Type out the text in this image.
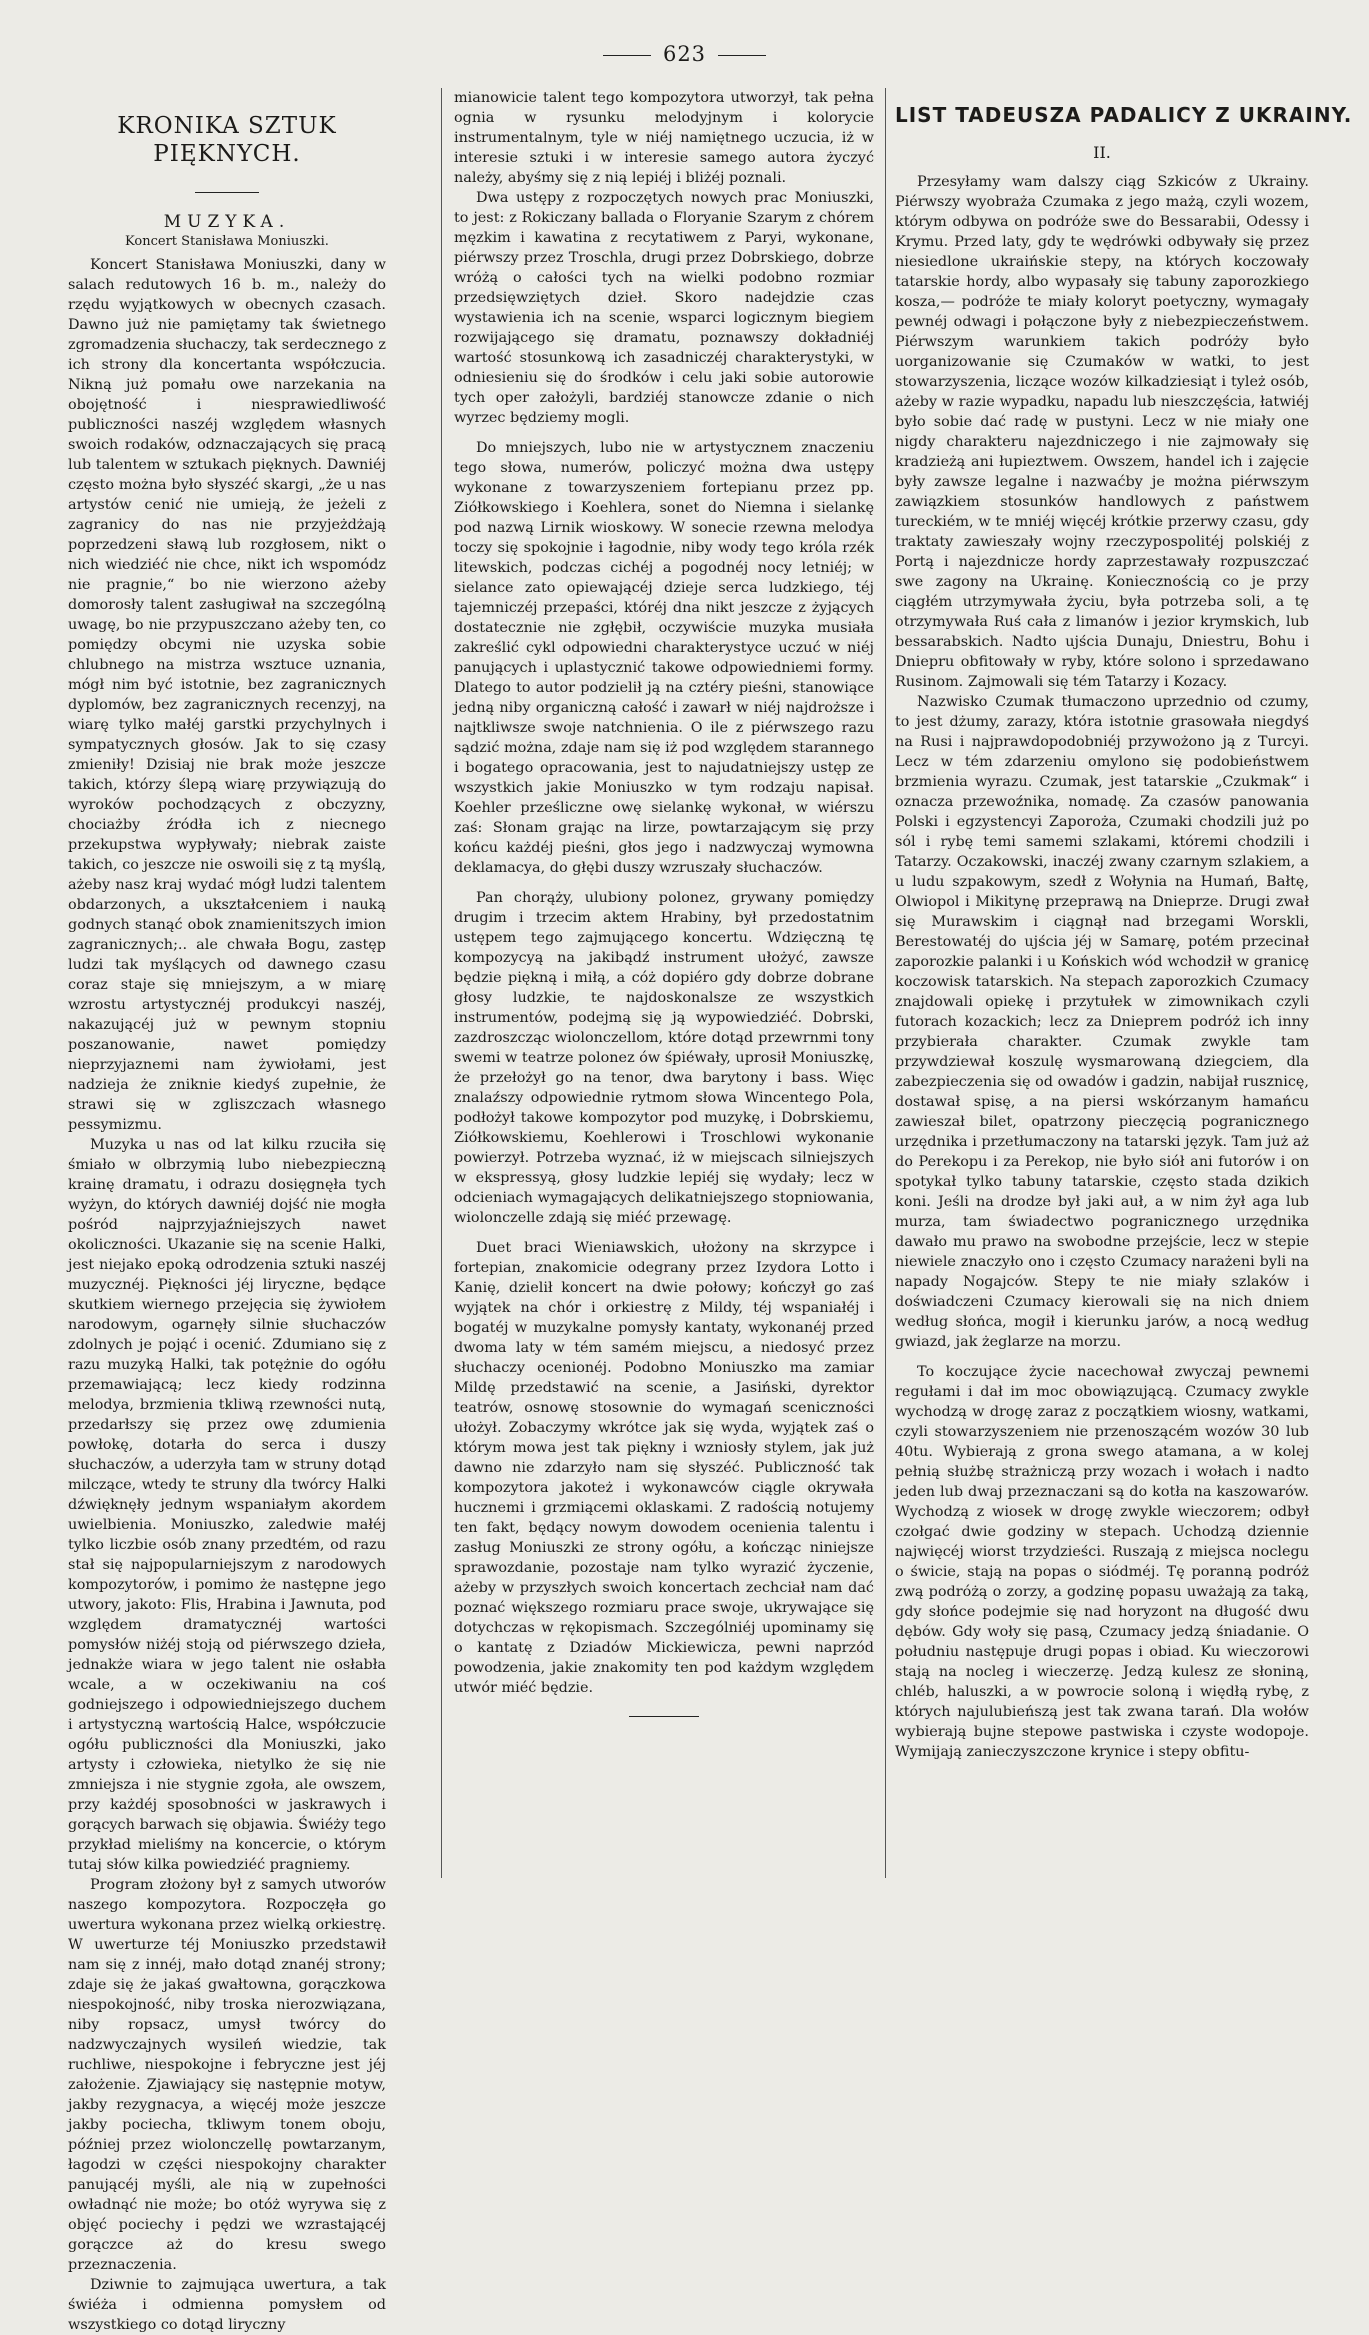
623
KRONIKA SZTUK PIĘKNYCH.
MUZYKA.
Koncert Stanisława Moniuszki.

Koncert Stanisława Moniuszki, dany w salach redutowych 16 b. m., należy do rzędu wyjątkowych w obecnych czasach. Dawno już nie pamiętamy tak świetnego zgromadzenia słuchaczy, tak serdecznego z ich strony dla koncertanta współczucia. Nikną już pomału owe narzekania na obojętność i niesprawiedliwość publiczności naszéj względem własnych swoich rodaków, odznaczających się pracą lub talentem w sztukach pięknych. Dawniéj często można było słyszéć skargi, „że u nas artystów cenić nie umieją, że jeżeli z zagranicy do nas nie przyjeżdżają poprzedzeni sławą lub rozgłosem, nikt o nich wiedziéć nie chce, nikt ich wspomódz nie pragnie,“ bo nie wierzono ażeby domorosły talent zasługiwał na szczególną uwagę, bo nie przypuszczano ażeby ten, co pomiędzy obcymi nie uzyska sobie chlubnego na mistrza wsztuce uznania, mógł nim być istotnie, bez zagranicznych dyplomów, bez zagranicznych recenzyj, na wiarę tylko małéj garstki przychylnych i sympatycznych głosów. Jak to się czasy zmieniły! Dzisiaj nie brak może jeszcze takich, którzy ślepą wiarę przywiązują do wyroków pochodzących z obczyzny, chociażby źródła ich z niecnego przekupstwa wypływały; niebrak zaiste takich, co jeszcze nie oswoili się z tą myślą, ażeby nasz kraj wydać mógł ludzi talentem obdarzonych, a ukształceniem i nauką godnych stanąć obok znamienitszych imion zagranicznych;.. ale chwała Bogu, zastęp ludzi tak myślących od dawnego czasu coraz staje się mniejszym, a w miarę wzrostu artystycznéj produkcyi naszéj, nakazującéj już w pewnym stopniu poszanowanie, nawet pomiędzy nieprzyjaznemi nam żywiołami, jest nadzieja że zniknie kiedyś zupełnie, że strawi się w zgliszczach własnego pessymizmu.

Muzyka u nas od lat kilku rzuciła się śmiało w olbrzymią lubo niebezpieczną krainę dramatu, i odrazu dosięgnęła tych wyżyn, do których dawniéj dojść nie mogła pośród najprzyjaźniejszych nawet okoliczności. Ukazanie się na scenie Halki, jest niejako epoką odrodzenia sztuki naszéj muzycznéj. Piękności jéj liryczne, będące skutkiem wiernego przejęcia się żywiołem narodowym, ogarnęły silnie słuchaczów zdolnych je pojąć i ocenić. Zdumiano się z razu muzyką Halki, tak potężnie do ogółu przemawiającą; lecz kiedy rodzinna melodya, brzmienia tkliwą rzewności nutą, przedarłszy się przez owę zdumienia powłokę, dotarła do serca i duszy słuchaczów, a uderzyła tam w struny dotąd milczące, wtedy te struny dla twórcy Halki dźwięknęły jednym wspaniałym akordem uwielbienia. Moniuszko, zaledwie małéj tylko liczbie osób znany przedtém, od razu stał się najpopularniejszym z narodowych kompozytorów, i pomimo że następne jego utwory, jakoto: Flis, Hrabina i Jawnuta, pod względem dramatycznéj wartości pomysłów niżéj stoją od piérwszego dzieła, jednakże wiara w jego talent nie osłabła wcale, a w oczekiwaniu na coś godniejszego i odpowiedniejszego duchem i artystyczną wartością Halce, współczucie ogółu publiczności dla Moniuszki, jako artysty i człowieka, nietylko że się nie zmniejsza i nie stygnie zgoła, ale owszem, przy każdéj sposobności w jaskrawych i gorących barwach się objawia. Świéży tego przykład mieliśmy na koncercie, o którym tutaj słów kilka powiedziéć pragniemy.

Program złożony był z samych utworów naszego kompozytora. Rozpoczęła go uwertura wykonana przez wielką orkiestrę. W uwerturze téj Moniuszko przedstawił nam się z innéj, mało dotąd znanéj strony; zdaje się że jakaś gwałtowna, gorączkowa niespokojność, niby troska nierozwiązana, niby ropsacz, umysł twórcy do nadzwyczajnych wysileń wiedzie, tak ruchliwe, niespokojne i febryczne jest jéj założenie. Zjawiający się następnie motyw, jakby rezygnacya, a więcéj może jeszcze jakby pociecha, tkliwym tonem oboju, później przez wiolonczellę powtarzanym, łagodzi w części niespokojny charakter panującéj myśli, ale nią w zupełności owładnąć nie może; bo otóż wyrywa się z objęć pociechy i pędzi we wzrastającéj gorączce aż do kresu swego przeznaczenia.

Dziwnie to zajmująca uwertura, a tak świéża i odmienna pomysłem od wszystkiego co dotąd liryczny

mianowicie talent tego kompozytora utworzył, tak pełna ognia w rysunku melodyjnym i kolorycie instrumentalnym, tyle w niéj namiętnego uczucia, iż w interesie sztuki i w interesie samego autora życzyć należy, abyśmy się z nią lepiéj i bliżéj poznali.

Dwa ustępy z rozpoczętych nowych prac Moniuszki, to jest: z Rokiczany ballada o Floryanie Szarym z chórem męzkim i kawatina z recytatiwem z Paryi, wykonane, piérwszy przez Troschla, drugi przez Dobrskiego, dobrze wróżą o całości tych na wielki podobno rozmiar przedsięwziętych dzieł. Skoro nadejdzie czas wystawienia ich na scenie, wsparci logicznym biegiem rozwijającego się dramatu, poznawszy dokładniéj wartość stosunkową ich zasadniczéj charakterystyki, w odniesieniu się do środków i celu jaki sobie autorowie tych oper założyli, bardziéj stanowcze zdanie o nich wyrzec będziemy mogli.

Do mniejszych, lubo nie w artystycznem znaczeniu tego słowa, numerów, policzyć można dwa ustępy wykonane z towarzyszeniem fortepianu przez pp. Ziółkowskiego i Koehlera, sonet do Niemna i sielankę pod nazwą Lirnik wioskowy. W sonecie rzewna melodya toczy się spokojnie i łagodnie, niby wody tego króla rzék litewskich, podczas cichéj a pogodnéj nocy letniéj; w sielance zato opiewającéj dzieje serca ludzkiego, téj tajemniczéj przepaści, któréj dna nikt jeszcze z żyjących dostatecznie nie zgłębił, oczywiście muzyka musiała zakreślić cykl odpowiedni charakterystyce uczuć w niéj panujących i uplastycznić takowe odpowiedniemi formy. Dlatego to autor podzielił ją na cztéry pieśni, stanowiące jedną niby organiczną całość i zawarł w niéj najdroższe i najtkliwsze swoje natchnienia. O ile z piérwszego razu sądzić można, zdaje nam się iż pod względem starannego i bogatego opracowania, jest to najudatniejszy ustęp ze wszystkich jakie Moniuszko w tym rodzaju napisał. Koehler prześliczne owę sielankę wykonał, w wiérszu zaś: Słonam grając na lirze, powtarzającym się przy końcu każdéj pieśni, głos jego i nadzwyczaj wymowna deklamacya, do głębi duszy wzruszały słuchaczów.

Pan chorąży, ulubiony polonez, grywany pomiędzy drugim i trzecim aktem Hrabiny, był przedostatnim ustępem tego zajmującego koncertu. Wdzięczną tę kompozycyą na jakibądź instrument ułożyć, zawsze będzie piękną i miłą, a cóż dopiéro gdy dobrze dobrane głosy ludzkie, te najdoskonalsze ze wszystkich instrumentów, podejmą się ją wypowiedziéć. Dobrski, zazdroszcząc wiolonczellom, które dotąd przewrnmi tony swemi w teatrze polonez ów śpiéwały, uprosił Moniuszkę, że przełożył go na tenor, dwa barytony i bass. Więc znalaźszy odpowiednie rytmom słowa Wincentego Pola, podłożył takowe kompozytor pod muzykę, i Dobrskiemu, Ziółkowskiemu, Koehlerowi i Troschlowi wykonanie powierzył. Potrzeba wyznać, iż w miejscach silniejszych w ekspressyą, głosy ludzkie lepiéj się wydały; lecz w odcieniach wymagających delikatniejszego stopniowania, wiolonczelle zdają się miéć przewagę.

Duet braci Wieniawskich, ułożony na skrzypce i fortepian, znakomicie odegrany przez Izydora Lotto i Kanię, dzielił koncert na dwie połowy; kończył go zaś wyjątek na chór i orkiestrę z Mildy, téj wspaniałéj i bogatéj w muzykalne pomysły kantaty, wykonanéj przed dwoma laty w tém samém miejscu, a niedosyć przez słuchaczy ocenionéj. Podobno Moniuszko ma zamiar Mildę przedstawić na scenie, a Jasiński, dyrektor teatrów, osnowę stosownie do wymagań sceniczności ułożył. Zobaczymy wkrótce jak się wyda, wyjątek zaś o którym mowa jest tak piękny i wzniosły stylem, jak już dawno nie zdarzyło nam się słyszéć. Publiczność tak kompozytora jakoteż i wykonawców ciągle okrywała hucznemi i grzmiącemi oklaskami. Z radością notujemy ten fakt, będący nowym dowodem ocenienia talentu i zasług Moniuszki ze strony ogółu, a kończąc niniejsze sprawozdanie, pozostaje nam tylko wyrazić życzenie, ażeby w przyszłych swoich koncertach zechciał nam dać poznać większego rozmiaru prace swoje, ukrywające się dotychczas w rękopismach. Szczególniéj upominamy się o kantatę z Dziadów Mickiewicza, pewni naprzód powodzenia, jakie znakomity ten pod każdym względem utwór miéć będzie.

LIST TADEUSZA PADALICY Z UKRAINY.
II.

Przesyłamy wam dalszy ciąg Szkiców z Ukrainy. Piérwszy wyobraża Czumaka z jego mażą, czyli wozem, którym odbywa on podróże swe do Bessarabii, Odessy i Krymu. Przed laty, gdy te wędrówki odbywały się przez niesiedlone ukraińskie stepy, na których koczowały tatarskie hordy, albo wypasały się tabuny zaporozkiego kosza,— podróże te miały koloryt poetyczny, wymagały pewnéj odwagi i połączone były z niebezpieczeństwem. Piérwszym warunkiem takich podróży było uorganizowanie się Czumaków w watki, to jest stowarzyszenia, liczące wozów kilkadziesiąt i tyleż osób, ażeby w razie wypadku, napadu lub nieszczęścia, łatwiéj było sobie dać radę w pustyni. Lecz w nie miały one nigdy charakteru najezdniczego i nie zajmowały się kradzieżą ani łupieztwem. Owszem, handel ich i zajęcie były zawsze legalne i nazwaćby je można piérwszym zawiązkiem stosunków handlowych z państwem tureckiém, w te mniéj więcéj krótkie przerwy czasu, gdy traktaty zawieszały wojny rzeczypospolitéj polskiéj z Portą i najezdnicze hordy zaprzestawały rozpuszczać swe zagony na Ukrainę. Koniecznością co je przy ciągłém utrzymywała życiu, była potrzeba soli, a tę otrzymywała Ruś cała z limanów i jezior krymskich, lub bessarabskich. Nadto ujścia Dunaju, Dniestru, Bohu i Dniepru obfitowały w ryby, które solono i sprzedawano Rusinom. Zajmowali się tém Tatarzy i Kozacy.

Nazwisko Czumak tłumaczono uprzednio od czumy, to jest dżumy, zarazy, która istotnie grasowała niegdyś na Rusi i najprawdopodobniéj przywożono ją z Turcyi. Lecz w tém zdarzeniu omylono się podobieństwem brzmienia wyrazu. Czumak, jest tatarskie „Czukmak“ i oznacza przewoźnika, nomadę. Za czasów panowania Polski i egzystencyi Zaporoża, Czumaki chodzili już po sól i rybę temi samemi szlakami, któremi chodzili i Tatarzy. Oczakowski, inaczéj zwany czarnym szlakiem, a u ludu szpakowym, szedł z Wołynia na Humań, Bałtę, Olwiopol i Mikitynę przeprawą na Dnieprze. Drugi zwał się Murawskim i ciągnął nad brzegami Worskli, Berestowatéj do ujścia jéj w Samarę, potém przecinał zaporozkie palanki i u Końskich wód wchodził w granicę koczowisk tatarskich. Na stepach zaporozkich Czumacy znajdowali opiekę i przytułek w zimownikach czyli futorach kozackich; lecz za Dnieprem podróż ich inny przybierała charakter. Czumak zwykle tam przywdziewał koszulę wysmarowaną dziegciem, dla zabezpieczenia się od owadów i gadzin, nabijał rusznicę, dostawał spisę, a na piersi wskórzanym hamańcu zawieszał bilet, opatrzony pieczęcią pogranicznego urzędnika i przetłumaczony na tatarski język. Tam już aż do Perekopu i za Perekop, nie było siół ani futorów i on spotykał tylko tabuny tatarskie, często stada dzikich koni. Jeśli na drodze był jaki auł, a w nim żył aga lub murza, tam świadectwo pogranicznego urzędnika dawało mu prawo na swobodne przejście, lecz w stepie niewiele znaczyło ono i często Czumacy narażeni byli na napady Nogajców. Stepy te nie miały szlaków i doświadczeni Czumacy kierowali się na nich dniem według słońca, mogił i kierunku jarów, a nocą według gwiazd, jak żeglarze na morzu.

To koczujące życie nacechował zwyczaj pewnemi regułami i dał im moc obowiązującą. Czumacy zwykle wychodzą w drogę zaraz z początkiem wiosny, watkami, czyli stowarzyszeniem nie przenoszącém wozów 30 lub 40tu. Wybierają z grona swego atamana, a w kolej pełnią służbę strażniczą przy wozach i wołach i nadto jeden lub dwaj przeznaczani są do kotła na kaszowarów. Wychodzą z wiosek w drogę zwykle wieczorem; odbył czołgać dwie godziny w stepach. Uchodzą dziennie najwięcéj wiorst trzydzieści. Ruszają z miejsca noclegu o świcie, stają na popas o siódméj. Tę poranną podróż zwą podróżą o zorzy, a godzinę popasu uważają za taką, gdy słońce podejmie się nad horyzont na długość dwu dębów. Gdy woły się pasą, Czumacy jedzą śniadanie. O południu następuje drugi popas i obiad. Ku wieczorowi stają na nocleg i wieczerzę. Jedzą kulesz ze słoniną, chléb, haluszki, a w powrocie soloną i więdłą rybę, z których najulubieńszą jest tak zwana tarań. Dla wołów wybierają bujne stepowe pastwiska i czyste wodopoje. Wymijają zanieczyszczone krynice i stepy obfitu-
